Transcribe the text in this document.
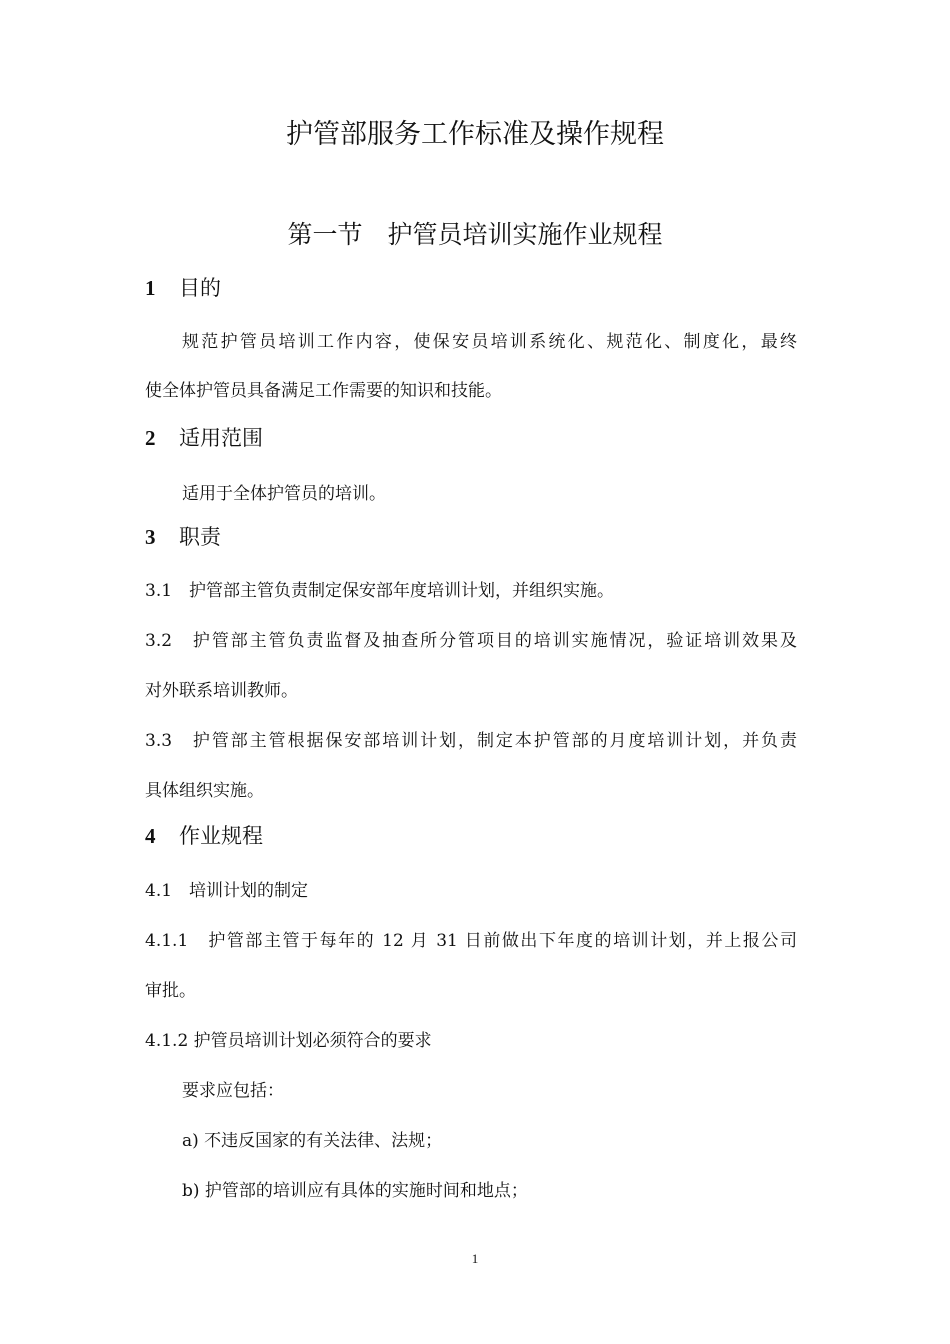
护管部服务工作标准及操作规程
第一节　护管员培训实施作业规程
1 目的
规范护管员培训工作内容，使保安员培训系统化、规范化、制度化，最终
使全体护管员具备满足工作需要的知识和技能。
2 适用范围
适用于全体护管员的培训。
3 职责
3.1　护管部主管负责制定保安部年度培训计划，并组织实施。
3.2　护管部主管负责监督及抽查所分管项目的培训实施情况，验证培训效果及
对外联系培训教师。
3.3　护管部主管根据保安部培训计划，制定本护管部的月度培训计划，并负责
具体组织实施。
4 作业规程
4.1　培训计划的制定
4.1.1　护管部主管于每年的 12 月 31 日前做出下年度的培训计划，并上报公司
审批。
4.1.2 护管员培训计划必须符合的要求
要求应包括：
a) 不违反国家的有关法律、法规；
b) 护管部的培训应有具体的实施时间和地点；
1
